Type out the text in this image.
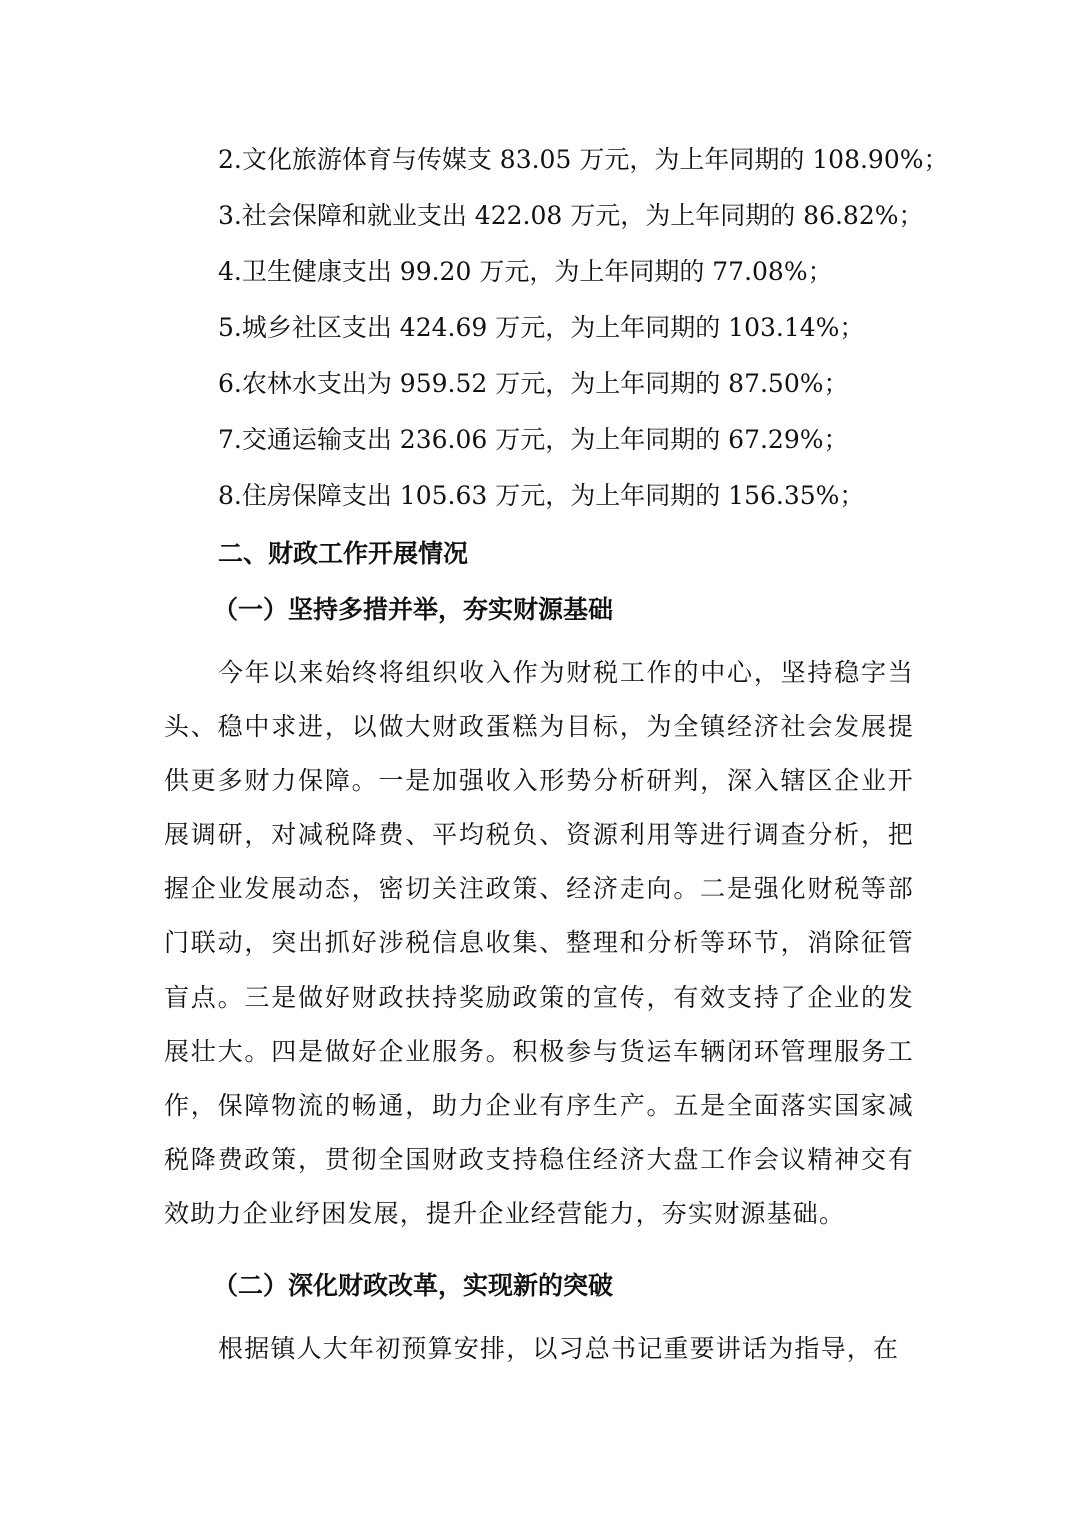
2.文化旅游体育与传媒支 83.05 万元，为上年同期的 108.90%；
3.社会保障和就业支出 422.08 万元，为上年同期的 86.82%；
4.卫生健康支出 99.20 万元，为上年同期的 77.08%；
5.城乡社区支出 424.69 万元，为上年同期的 103.14%；
6.农林水支出为 959.52 万元，为上年同期的 87.50%；
7.交通运输支出 236.06 万元，为上年同期的 67.29%；
8.住房保障支出 105.63 万元，为上年同期的 156.35%；
二、财政工作开展情况
（一）坚持多措并举，夯实财源基础

今年以来始终将组织收入作为财税工作的中心，坚持稳字当头、稳中求进，以做大财政蛋糕为目标，为全镇经济社会发展提供更多财力保障。一是加强收入形势分析研判，深入辖区企业开展调研，对减税降费、平均税负、资源利用等进行调查分析，把握企业发展动态，密切关注政策、经济走向。二是强化财税等部门联动，突出抓好涉税信息收集、整理和分析等环节，消除征管盲点。三是做好财政扶持奖励政策的宣传，有效支持了企业的发展壮大。四是做好企业服务。积极参与货运车辆闭环管理服务工作，保障物流的畅通，助力企业有序生产。五是全面落实国家减税降费政策，贯彻全国财政支持稳住经济大盘工作会议精神交有效助力企业纾困发展，提升企业经营能力，夯实财源基础。

（二）深化财政改革，实现新的突破

根据镇人大年初预算安排，以习总书记重要讲话为指导，在
